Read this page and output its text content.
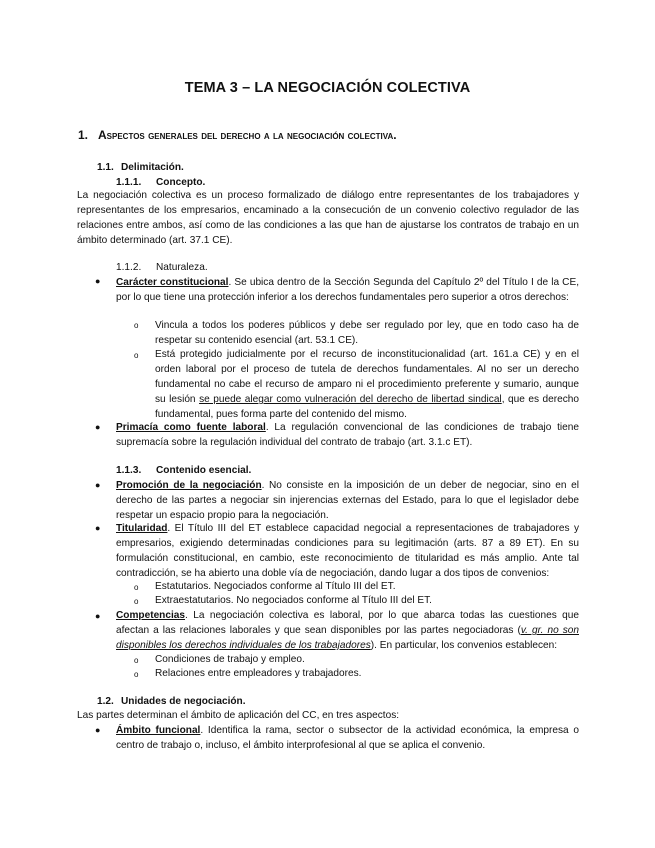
TEMA 3 – LA NEGOCIACIÓN COLECTIVA
1. Aspectos generales del derecho a la negociación colectiva.
1.1. Delimitación.
1.1.1. Concepto.
La negociación colectiva es un proceso formalizado de diálogo entre representantes de los trabajadores y representantes de los empresarios, encaminado a la consecución de un convenio colectivo regulador de las relaciones entre ambos, así como de las condiciones a las que han de ajustarse los contratos de trabajo en un ámbito determinado (art. 37.1 CE).
1.1.2. Naturaleza.
● Carácter constitucional. Se ubica dentro de la Sección Segunda del Capítulo 2º del Título I de la CE, por lo que tiene una protección inferior a los derechos fundamentales pero superior a otros derechos:
o Vincula a todos los poderes públicos y debe ser regulado por ley, que en todo caso ha de respetar su contenido esencial (art. 53.1 CE).
o Está protegido judicialmente por el recurso de inconstitucionalidad (art. 161.a CE) y en el orden laboral por el proceso de tutela de derechos fundamentales. Al no ser un derecho fundamental no cabe el recurso de amparo ni el procedimiento preferente y sumario, aunque su lesión se puede alegar como vulneración del derecho de libertad sindical, que es derecho fundamental, pues forma parte del contenido del mismo.
● Primacía como fuente laboral. La regulación convencional de las condiciones de trabajo tiene supremacía sobre la regulación individual del contrato de trabajo (art. 3.1.c ET).
1.1.3. Contenido esencial.
● Promoción de la negociación. No consiste en la imposición de un deber de negociar, sino en el derecho de las partes a negociar sin injerencias externas del Estado, para lo que el legislador debe respetar un espacio propio para la negociación.
● Titularidad. El Título III del ET establece capacidad negocial a representaciones de trabajadores y empresarios, exigiendo determinadas condiciones para su legitimación (arts. 87 a 89 ET). En su formulación constitucional, en cambio, este reconocimiento de titularidad es más amplio. Ante tal contradicción, se ha abierto una doble vía de negociación, dando lugar a dos tipos de convenios:
o Estatutarios. Negociados conforme al Título III del ET.
o Extraestatutarios. No negociados conforme al Título III del ET.
● Competencias. La negociación colectiva es laboral, por lo que abarca todas las cuestiones que afectan a las relaciones laborales y que sean disponibles por las partes negociadoras (v. gr. no son disponibles los derechos individuales de los trabajadores). En particular, los convenios establecen:
o Condiciones de trabajo y empleo.
o Relaciones entre empleadores y trabajadores.
1.2. Unidades de negociación.
Las partes determinan el ámbito de aplicación del CC, en tres aspectos:
● Ámbito funcional. Identifica la rama, sector o subsector de la actividad económica, la empresa o centro de trabajo o, incluso, el ámbito interprofesional al que se aplica el convenio.
